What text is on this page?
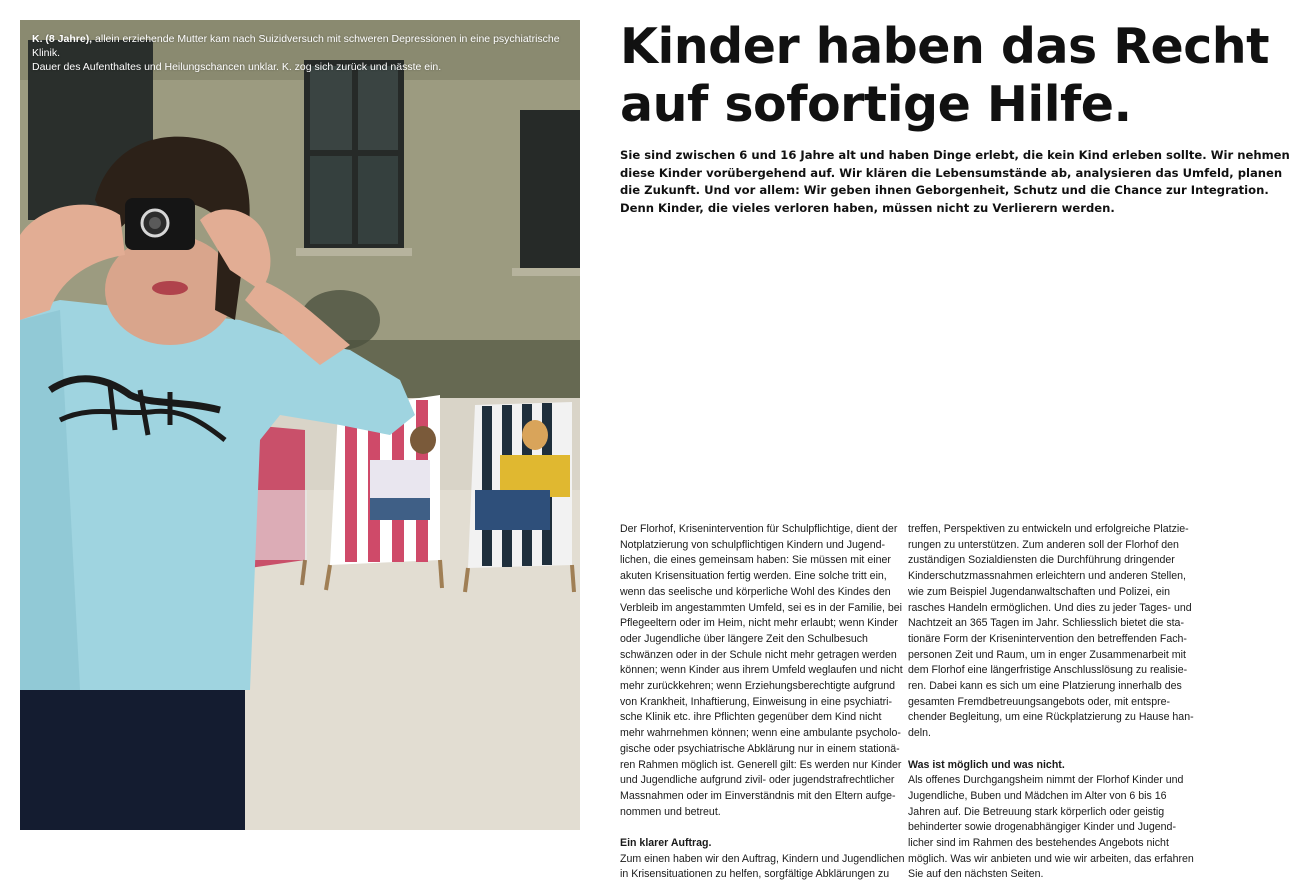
K. (8 Jahre), allein erziehende Mutter kam nach Suizidversuch mit schweren Depressionen in eine psychiatrische Klinik.
Dauer des Aufenthaltes und Heilungschancen unklar. K. zog sich zurück und nässte ein.	Kinder haben das Recht
auf sofortige Hilfe.

Sie sind zwischen 6 und 16 Jahre alt und haben Dinge erlebt, die kein Kind erleben sollte. Wir nehmen
diese Kinder vorübergehend auf. Wir klären die Lebensumstände ab, analysieren das Umfeld, planen
die Zukunft. Und vor allem: Wir geben ihnen Geborgenheit, Schutz und die Chance zur Integration.
Denn Kinder, die vieles verloren haben, müssen nicht zu Verlierern werden.

Der Florhof, Krisenintervention für Schulpflichtige, dient der
Notplatzierung von schulpflichtigen Kindern und Jugend-
lichen, die eines gemeinsam haben: Sie müssen mit einer
akuten Krisensituation fertig werden. Eine solche tritt ein,
wenn das seelische und körperliche Wohl des Kindes den
Verbleib im angestammten Umfeld, sei es in der Familie, bei
Pflegeeltern oder im Heim, nicht mehr erlaubt; wenn Kinder
oder Jugendliche über längere Zeit den Schulbesuch
schwänzen oder in der Schule nicht mehr getragen werden
können; wenn Kinder aus ihrem Umfeld weglaufen und nicht
mehr zurückkehren; wenn Erziehungsberechtigte aufgrund
von Krankheit, Inhaftierung, Einweisung in eine psychiatri-
sche Klinik etc. ihre Pflichten gegenüber dem Kind nicht
mehr wahrnehmen können; wenn eine ambulante psycholo-
gische oder psychiatrische Abklärung nur in einem stationä-
ren Rahmen möglich ist. Generell gilt: Es werden nur Kinder
und Jugendliche aufgrund zivil- oder jugendstrafrechtlicher
Massnahmen oder im Einverständnis mit den Eltern aufge-
nommen und betreut.
Ein klarer Auftrag.
Zum einen haben wir den Auftrag, Kindern und Jugendlichen
in Krisensituationen zu helfen, sorgfältige Abklärungen zu
treffen, Perspektiven zu entwickeln und erfolgreiche Platzie-
rungen zu unterstützen. Zum anderen soll der Florhof den
zuständigen Sozialdiensten die Durchführung dringender
Kinderschutzmassnahmen erleichtern und anderen Stellen,
wie zum Beispiel Jugendanwaltschaften und Polizei, ein
rasches Handeln ermöglichen. Und dies zu jeder Tages- und
Nachtzeit an 365 Tagen im Jahr. Schliesslich bietet die sta-
tionäre Form der Krisenintervention den betreffenden Fach-
personen Zeit und Raum, um in enger Zusammenarbeit mit
dem Florhof eine längerfristige Anschlusslösung zu realisie-
ren. Dabei kann es sich um eine Platzierung innerhalb des
gesamten Fremdbetreuungsangebots oder, mit entspre-
chender Begleitung, um eine Rückplatzierung zu Hause han-
deln.
Was ist möglich und was nicht.
Als offenes Durchgangsheim nimmt der Florhof Kinder und
Jugendliche, Buben und Mädchen im Alter von 6 bis 16
Jahren auf. Die Betreuung stark körperlich oder geistig
behinderter sowie drogenabhängiger Kinder und Jugend-
licher sind im Rahmen des bestehendes Angebots nicht
möglich. Was wir anbieten und wie wir arbeiten, das erfahren
Sie auf den nächsten Seiten.
